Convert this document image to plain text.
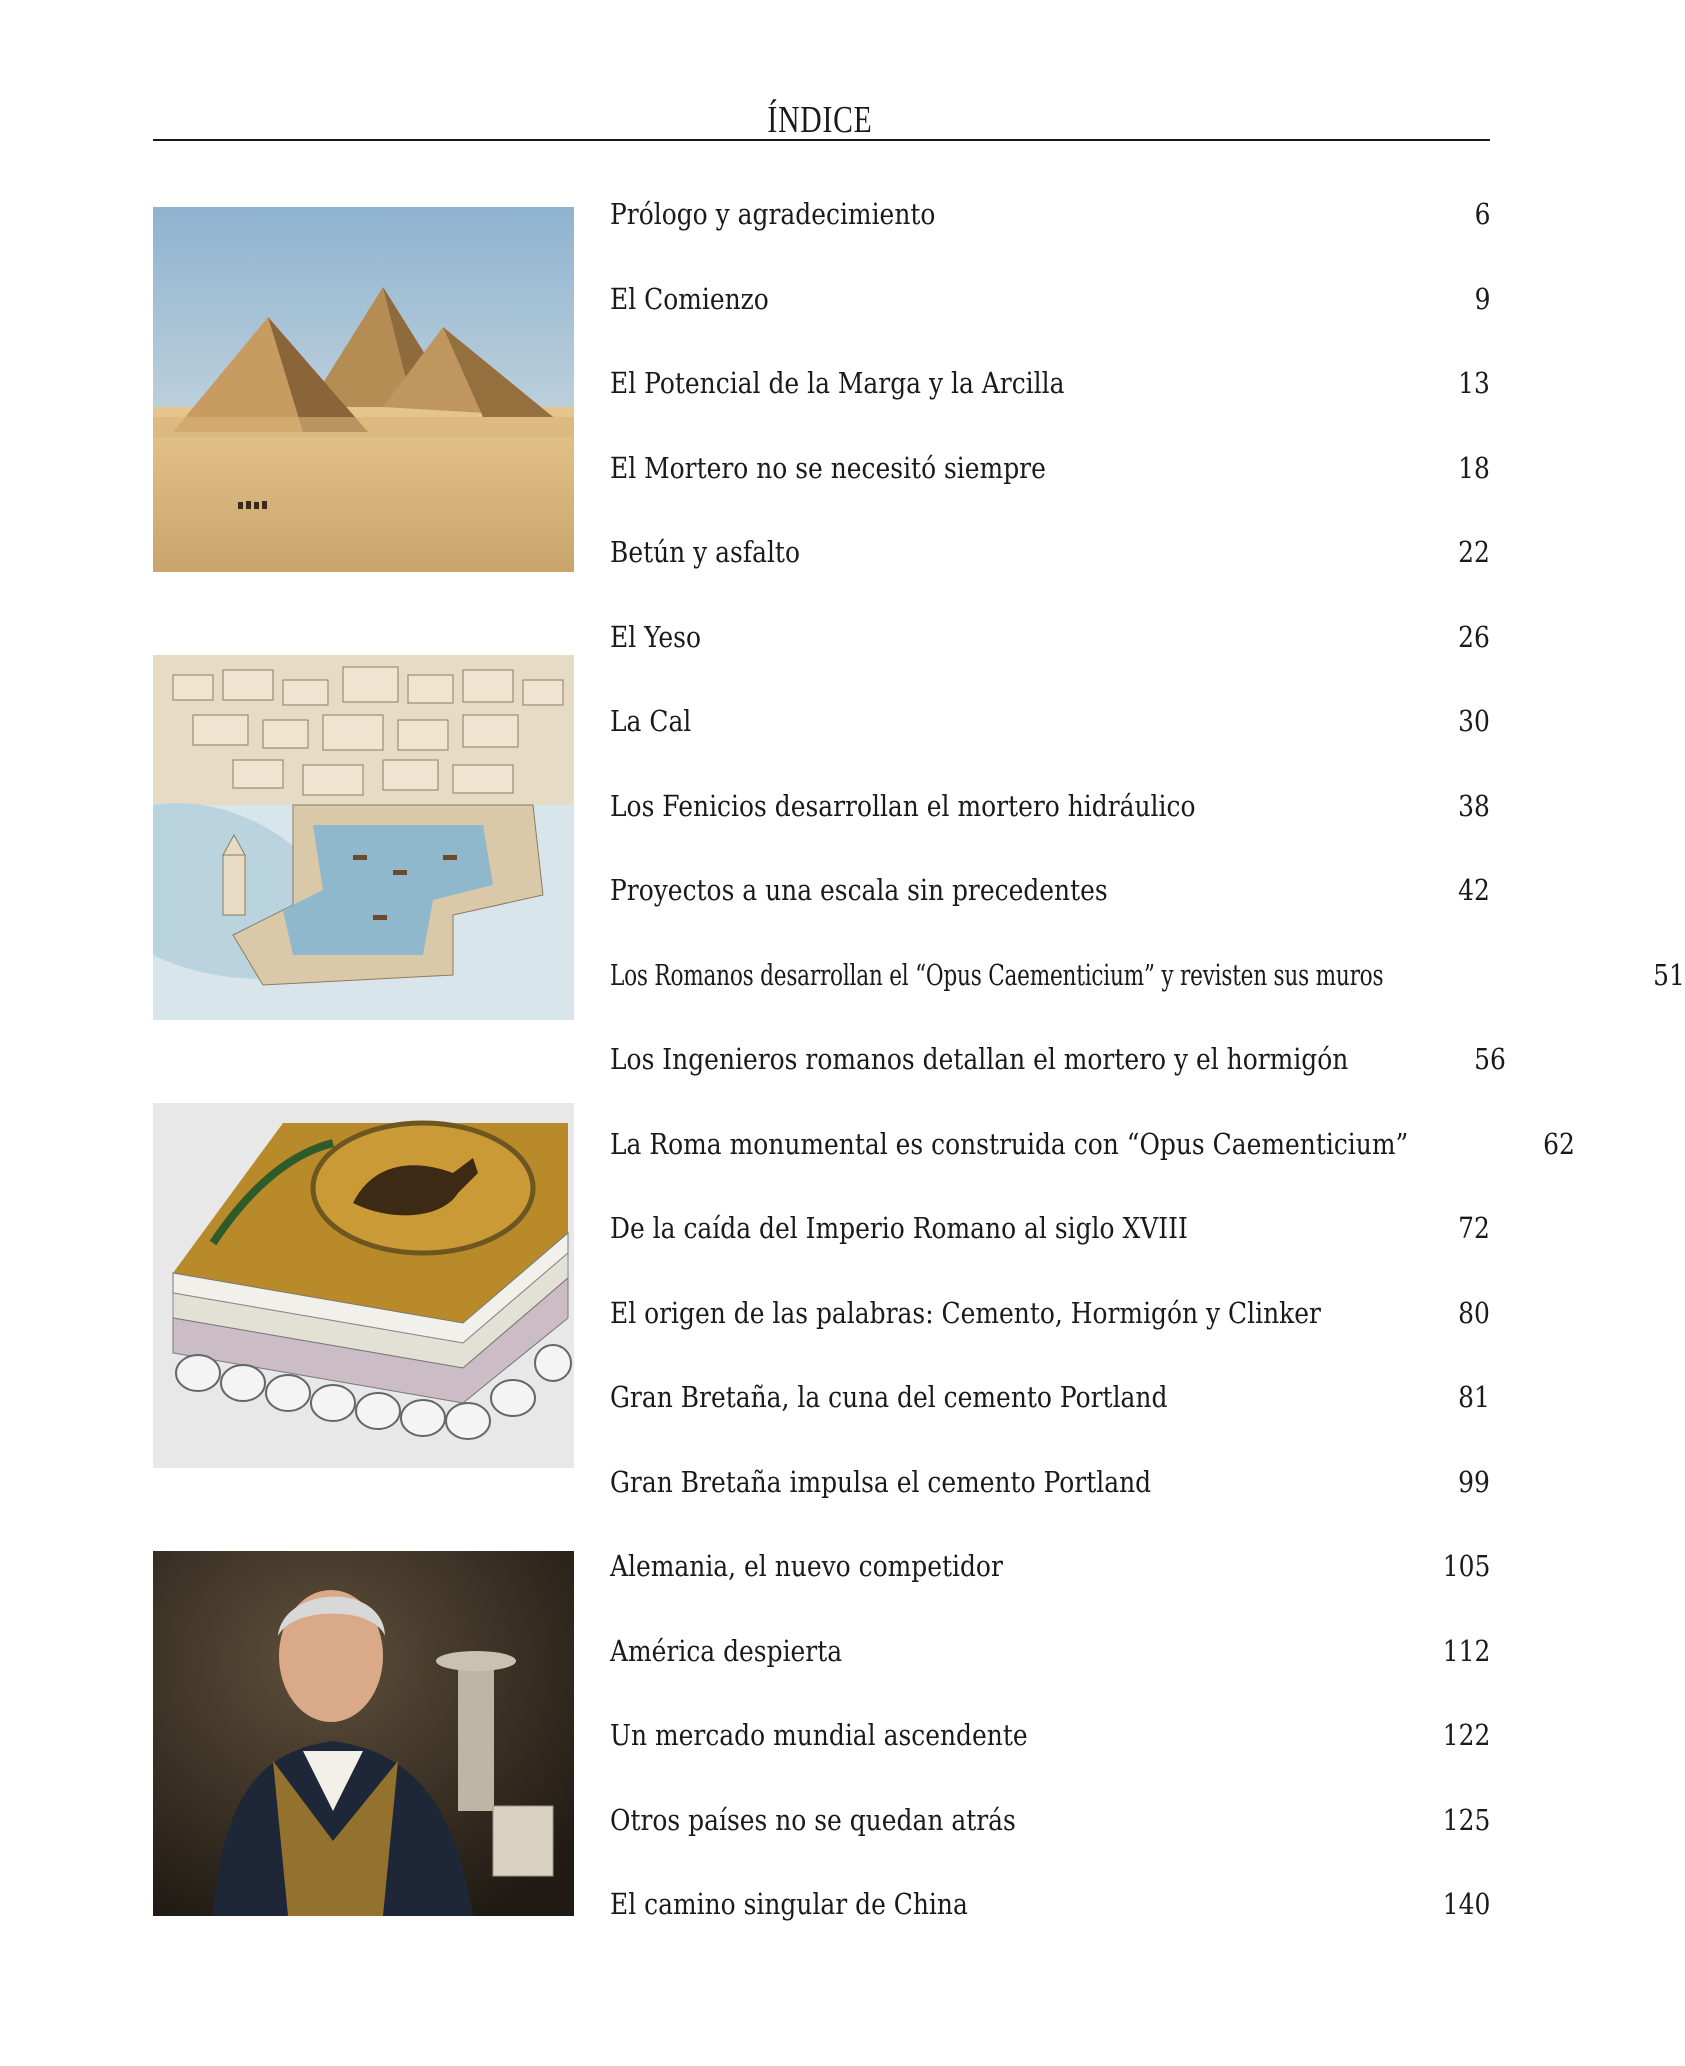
ÍNDICE
Prólogo y agradecimiento	6
El Comienzo	9
El Potencial de la Marga y la Arcilla	13
El Mortero no se necesitó siempre	18
Betún y asfalto	22
El Yeso	26
La Cal	30
Los Fenicios desarrollan el mortero hidráulico	38
Proyectos a una escala sin precedentes	42
Los Romanos desarrollan el “Opus Caementicium” y revisten sus muros	51
Los Ingenieros romanos detallan el mortero y el hormigón	56
La Roma monumental es construida con “Opus Caementicium”	62
De la caída del Imperio Romano al siglo XVIII	72
El origen de las palabras: Cemento, Hormigón y Clinker	80
Gran Bretaña, la cuna del cemento Portland	81
Gran Bretaña impulsa el cemento Portland	99
Alemania, el nuevo competidor	105
América despierta	112
Un mercado mundial ascendente	122
Otros países no se quedan atrás	125
El camino singular de China	140
